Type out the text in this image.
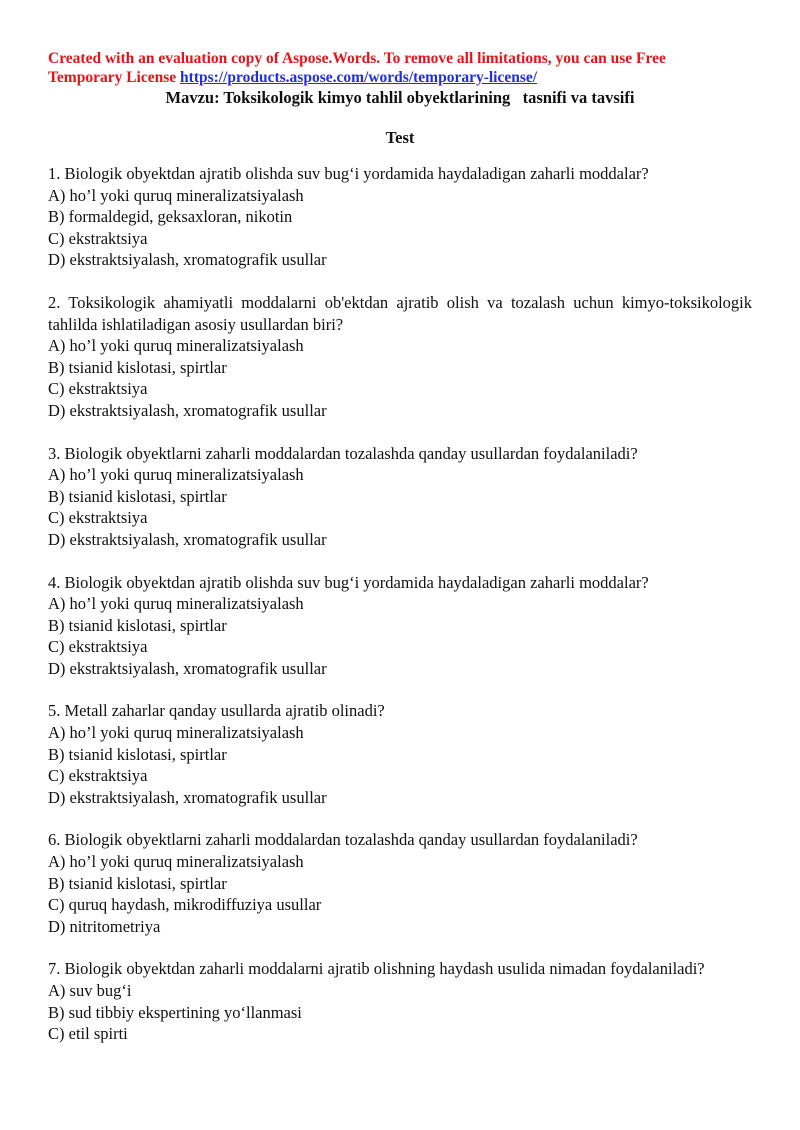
Created with an evaluation copy of Aspose.Words. To remove all limitations, you can use Free
Temporary License https://products.aspose.com/words/temporary-license/
Mavzu: Toksikologik kimyo tahlil obyektlarining   tasnifi va tavsifi
Test

1. Biologik obyektdan ajratib olishda suv bug‘i yordamida haydaladigan zaharli moddalar?

A) ho’l yoki quruq mineralizatsiyalash

B) formaldegid, geksaxloran, nikotin

C) ekstraktsiya

D) ekstraktsiyalash, xromatografik usullar

2. Toksikologik ahamiyatli moddalarni ob'ektdan ajratib olish va tozalash uchun kimyo-toksikologik tahlilda ishlatiladigan asosiy usullardan biri?

A) ho’l yoki quruq mineralizatsiyalash

B) tsianid kislotasi, spirtlar

C) ekstraktsiya

D) ekstraktsiyalash, xromatografik usullar

3. Biologik obyektlarni zaharli moddalardan tozalashda qanday usullardan foydalaniladi?

A) ho’l yoki quruq mineralizatsiyalash

B) tsianid kislotasi, spirtlar

C) ekstraktsiya

D) ekstraktsiyalash, xromatografik usullar

4. Biologik obyektdan ajratib olishda suv bug‘i yordamida haydaladigan zaharli moddalar?

A) ho’l yoki quruq mineralizatsiyalash

B) tsianid kislotasi, spirtlar

C) ekstraktsiya

D) ekstraktsiyalash, xromatografik usullar

5. Metall zaharlar qanday usullarda ajratib olinadi?

A) ho’l yoki quruq mineralizatsiyalash

B) tsianid kislotasi, spirtlar

C) ekstraktsiya

D) ekstraktsiyalash, xromatografik usullar

6. Biologik obyektlarni zaharli moddalardan tozalashda qanday usullardan foydalaniladi?

A) ho’l yoki quruq mineralizatsiyalash

B) tsianid kislotasi, spirtlar

C) quruq haydash, mikrodiffuziya usullar

D) nitritometriya

7. Biologik obyektdan zaharli moddalarni ajratib olishning haydash usulida nimadan foydalaniladi?

A) suv bug‘i

B) sud tibbiy ekspertining yo‘llanmasi

C) etil spirti
